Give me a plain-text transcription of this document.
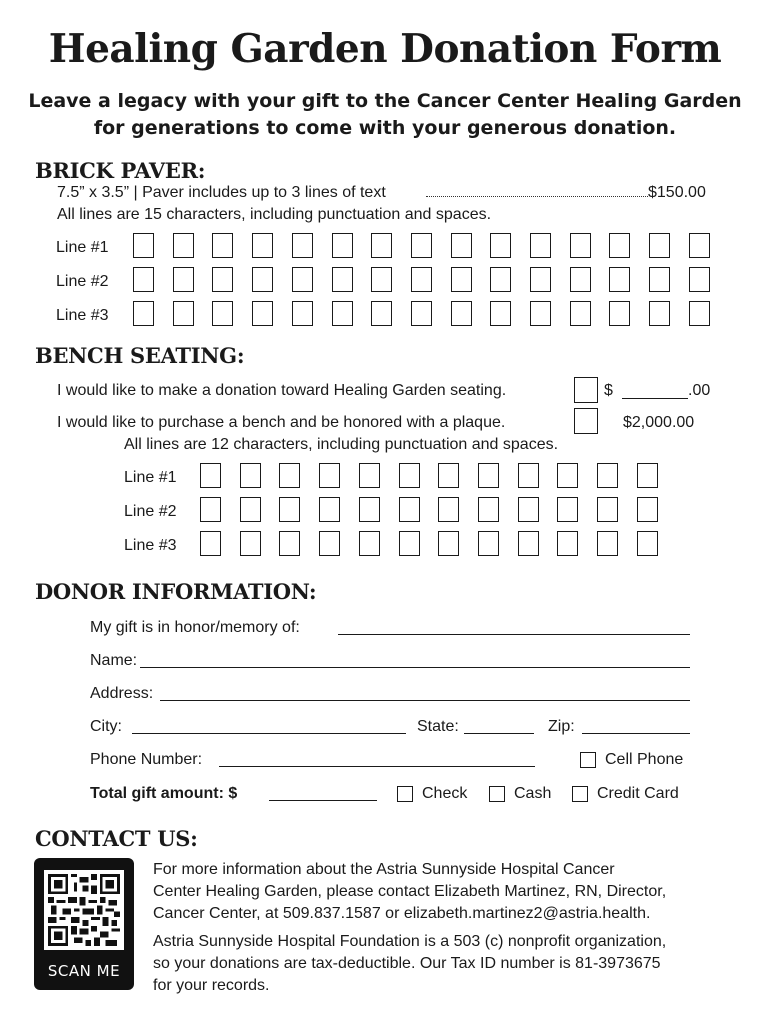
Healing Garden Donation Form
Leave a legacy with your gift to the Cancer Center Healing Garden
for generations to come with your generous donation.
BRICK PAVER:
7.5” x 3.5” | Paver includes up to 3 lines of text	$150.00
All lines are 15 characters, including punctuation and spaces.
Line #1
Line #2
Line #3
BENCH SEATING:
I would like to make a donation toward Healing Garden seating.	$	.00
I would like to purchase a bench and be honored with a plaque.	$2,000.00
All lines are 12 characters, including punctuation and spaces.
Line #1
Line #2
Line #3
DONOR INFORMATION:
My gift is in honor/memory of:
Name:
Address:
City:	State:	Zip:
Phone Number:	Cell Phone
Total gift amount: $	Check	Cash	Credit Card
CONTACT US:
SCAN ME
For more information about the Astria Sunnyside Hospital Cancer
Center Healing Garden, please contact Elizabeth Martinez, RN, Director,
Cancer Center, at 509.837.1587 or elizabeth.martinez2@astria.health.
Astria Sunnyside Hospital Foundation is a 503 (c) nonprofit organization,
so your donations are tax-deductible. Our Tax ID number is 81-3973675
for your records.
